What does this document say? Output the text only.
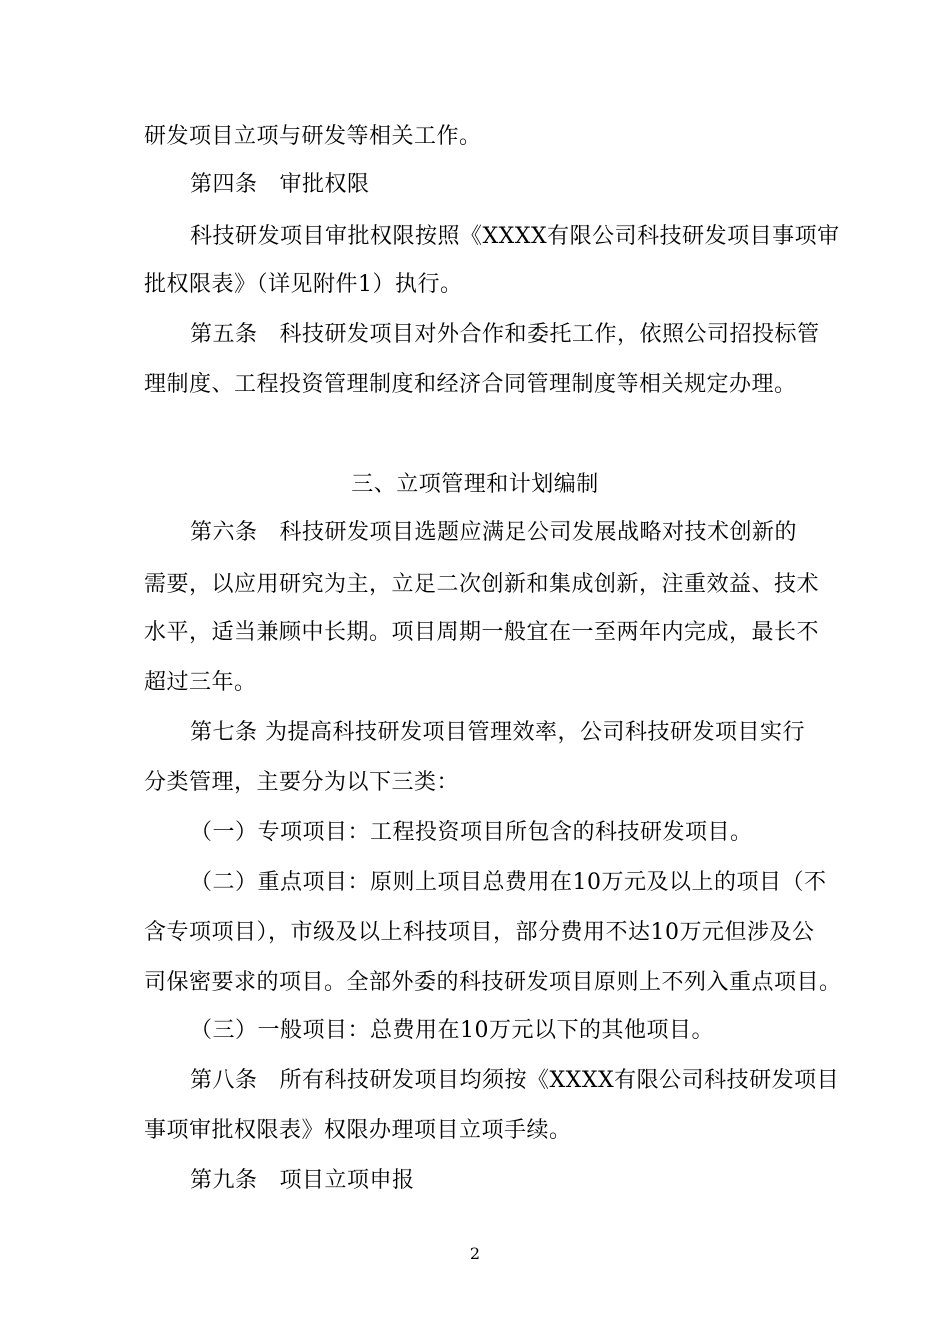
研发项目立项与研发等相关工作。
第四条 审批权限
科技研发项目审批权限按照《XXXX有限公司科技研发项目事项审
批权限表》（详见附件1）执行。
第五条 科技研发项目对外合作和委托工作，依照公司招投标管
理制度、工程投资管理制度和经济合同管理制度等相关规定办理。
三、立项管理和计划编制
第六条 科技研发项目选题应满足公司发展战略对技术创新的
需要，以应用研究为主，立足二次创新和集成创新，注重效益、技术
水平，适当兼顾中长期。项目周期一般宜在一至两年内完成，最长不
超过三年。
第七条 为提高科技研发项目管理效率，公司科技研发项目实行
分类管理，主要分为以下三类：
（一）专项项目：工程投资项目所包含的科技研发项目。
（二）重点项目：原则上项目总费用在10万元及以上的项目（不
含专项项目），市级及以上科技项目，部分费用不达10万元但涉及公
司保密要求的项目。全部外委的科技研发项目原则上不列入重点项目。
（三）一般项目：总费用在10万元以下的其他项目。
第八条 所有科技研发项目均须按《XXXX有限公司科技研发项目
事项审批权限表》权限办理项目立项手续。
第九条 项目立项申报
2
